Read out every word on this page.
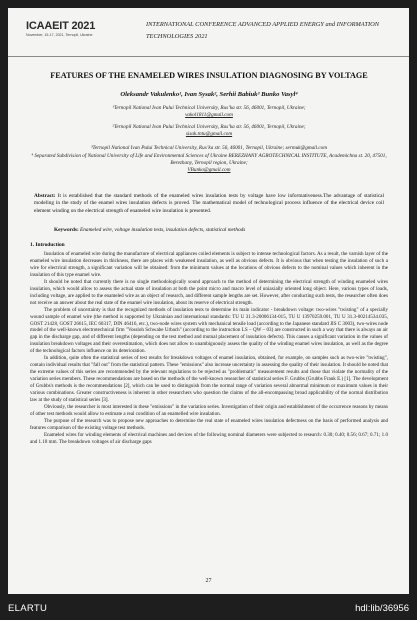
ICAAEIT 2021
November, 15-17, 2021, Ternopil, Ukraine
INTERNATIONAL CONFERENCE ADVANCED APPLIED ENERGY and INFORMATION TECHNOLOGIES 2021
FEATURES OF THE ENAMELED WIRES INSULATION DIAGNOSING BY VOLTAGE
Oleksandr Vakulenko¹, Ivan Sysak², Serhii Babiuk³ Bunko Vasyl⁴
¹Ternopil National Ivan Pului Technical University, Rus’ka str. 56, 46001, Ternopil, Ukraine;
vakol1811@gmail.com
²Ternopil National Ivan Pului Technical University, Rus’ka str. 56, 46001, Ternopil, Ukraine;
sisak.tntu@gmail.com
³Ternopil National Ivan Pului Technical University, Rus’ka str. 56, 46001, Ternopil, Ukraine; sermuk@gmail.com
⁴ Separated Subdivision of National University of Life and Environmental Sciences of Ukraine BEREZHANY AGROTECHNICAL INSTITUTE, Academichna st. 20, 47501, Berezhany, Ternopil region, Ukraine;
VBunko@gmail.com
Abstract: It is established that the standard methods of the enameled wires insulation tests by voltage have low informativeness.The advantage of statistical modeling in the study of the enamel wires insulation defects is proved. The mathematical model of technological process influence of the electrical device coil element winding on the electrical strength of enameled wire insulation is presented.
Keywords: Enameled wire, voltage insulation tests, insulation defects, statistical methods
1. Introduction

Insulation of enameled wire during the manufacture of electrical appliances coiled elements is subject to intense technological factors. As a result, the varnish layer of the enameled wire insulation decreases in thickness, there are places with weakened insulation, as well as obvious defects. It is obvious that when testing the insulation of such a wire for electrical strength, a significant variation will be obtained: from the minimum values at the locations of obvious defects to the nominal values which inherent in the insulation of this type enamel wire.

It should be noted that currently there is no single methodologically sound approach to the method of determining the electrical strength of winding enameled wires insulation, which would allow to assess the actual state of insulation at both the point micro and macro level of uniaxially oriented long object. Here, various types of loads, including voltage, are applied to the enameled wire as an object of research, and different sample lengths are set. However, after conducting such tests, the researcher often does not receive an answer about the real state of the enamel wire insulation, about its reserve of electrical strength.

The problem of uncertainty is that the recognized methods of insulation tests to determine its main indicator - breakdown voltage: two-wires "twisting" of a specially wound sample of enamel wire (the method is supported by Ukrainian and international standards: TU U 31.3-20006134-015, TU U 13970259.001, TU U 31.3-00214534.035, GOST 21428, GOST 26615, IEC 60317, DIN 46416, etc.), two-node wires system with mechanical tensile load (according to the Japanese standard JIS C 3003), two-wires node model of the well-known electrotechnical firm "Vossloh Schwabe Urbach" (according to the instruction LS – QW – 03) are constructed in such a way that there is always an air gap in the discharge gap, and of different lengths (depending on the test method and mutual placement of insulation defects). This causes a significant variation in the values of insulation breakdown voltages and their overestimation, which does not allow to unambiguously assess the quality of the winding enamel wires insulation, as well as the degree of the technological factors influence on its deterioration.

In addition, quite often the statistical series of test results for breakdown voltages of enamel insulation, obtained, for example, on samples such as two-wire "twisting", contain individual results that "fall out" from the statistical pattern. These "emissions" also increase uncertainty in assessing the quality of their insulation. It should be noted that the extreme values of this series are recommended by the relevant regulations to be rejected as "problematic" measurement results and those that violate the normality of the variation series members. These recommendations are based on the methods of the well-known researcher of statistical series F. Grubbs (Grubbs Frank E.) [1]. The development of Grubbs's methods is the recommendations [2], which can be used to distinguish from the normal range of variation several abnormal minimum or maximum values in their various combinations. Greater constructiveness is inherent in other researchers who question the claims of the all-encompassing broad applicability of the normal distribution law at the study of statistical series [3].

Obviously, the researcher is most interested in these "emissions" in the variation series. Investigation of their origin and establishment of the occurrence reasons by means of other test methods would allow to estimate a real condition of an enamelled wire insulation.

The purpose of the research was to propose new approaches to determine the real state of enameled wires insulation defectness on the basis of performed analysis and features comparison of the existing voltage test methods.

Enameled wires for winding elements of electrical machines and devices of the following nominal diameters were subjected to research: 0.30; 0.40; 0.56; 0.67; 0.71; 1.0 and 1.18 mm. The breakdown voltages of air discharge gaps

27
ELARTU	hdl:lib/36956
